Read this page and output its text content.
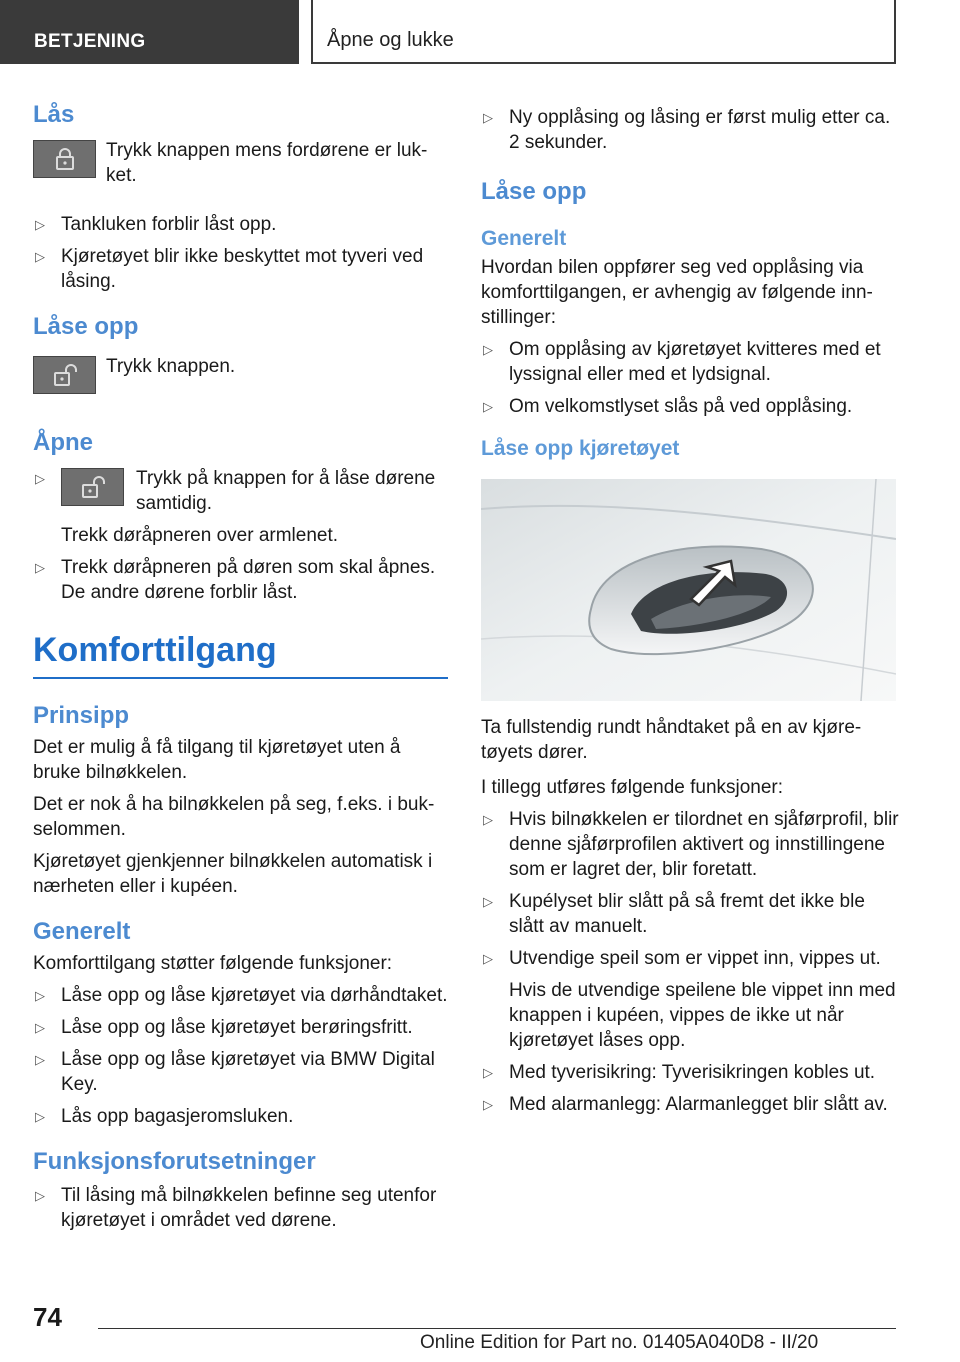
BETJENING	Åpne og lukke
Lås

Trykk knappen mens fordørene er luk‐ket.

▷ Tankluken forblir låst opp.
▷ Kjøretøyet blir ikke beskyttet mot tyveri ved låsing.
Låse opp

Trykk knappen.

Åpne
▷	Trykk på knappen for å låse dørene samtidig.

Trekk døråpneren over armlenet.

▷ Trekk døråpneren på døren som skal åpnes. De andre dørene forblir låst.
Komforttilgang
Prinsipp

Det er mulig å få tilgang til kjøretøyet uten å bruke bilnøkkelen.

Det er nok å ha bilnøkkelen på seg, f.eks. i buk‐selommen.

Kjøretøyet gjenkjenner bilnøkkelen automatisk i nærheten eller i kupéen.

Generelt

Komforttilgang støtter følgende funksjoner:

▷ Låse opp og låse kjøretøyet via dørhåndtaket.
▷ Låse opp og låse kjøretøyet berøringsfritt.
▷ Låse opp og låse kjøretøyet via BMW Digital Key.
▷ Lås opp bagasjeromsluken.
Funksjonsforutsetninger
▷ Til låsing må bilnøkkelen befinne seg utenfor kjøretøyet i området ved dørene.
▷ Ny opplåsing og låsing er først mulig etter ca. 2 sekunder.
Låse opp
Generelt

Hvordan bilen oppfører seg ved opplåsing via komforttilgangen, er avhengig av følgende inn‐stillinger:

▷ Om opplåsing av kjøretøyet kvitteres med et lyssignal eller med et lydsignal.
▷ Om velkomstlyset slås på ved opplåsing.
Låse opp kjøretøyet

Ta fullstendig rundt håndtaket på en av kjøre‐tøyets dører.

I tillegg utføres følgende funksjoner:

▷ Hvis bilnøkkelen er tilordnet en sjåførprofil, blir denne sjåførprofilen aktivert og innstillingene som er lagret der, blir foretatt.
▷ Kupélyset blir slått på så fremt det ikke ble slått av manuelt.
▷ Utvendige speil som er vippet inn, vippes ut.

Hvis de utvendige speilene ble vippet inn med knappen i kupéen, vippes de ikke ut når kjøretøyet låses opp.

▷ Med tyverisikring: Tyverisikringen kobles ut.
▷ Med alarmanlegg: Alarmanlegget blir slått av.
74
Online Edition for Part no. 01405A040D8 - II/20
